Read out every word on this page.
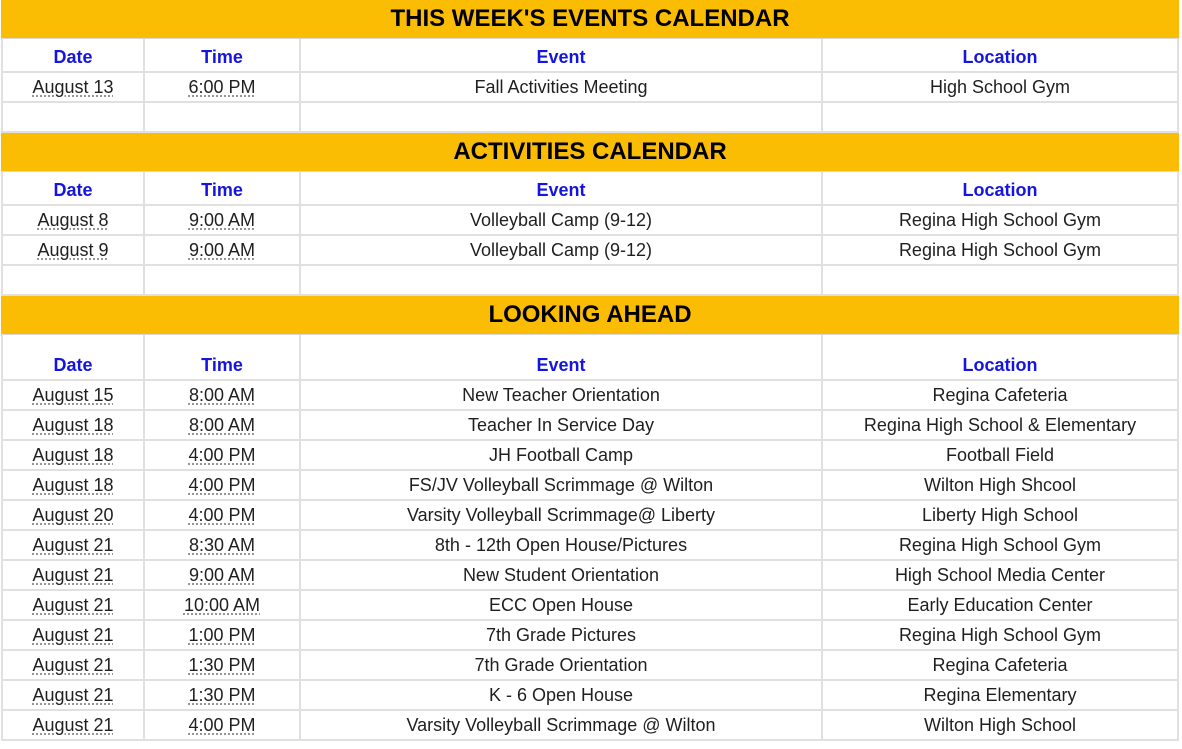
THIS WEEK'S EVENTS CALENDAR
Date	Time	Event	Location
August 13	6:00 PM	Fall Activities Meeting	High School Gym
ACTIVITIES CALENDAR
Date	Time	Event	Location
August 8	9:00 AM	Volleyball Camp (9-12)	Regina High School Gym
August 9	9:00 AM	Volleyball Camp (9-12)	Regina High School Gym
LOOKING AHEAD
Date	Time	Event	Location
August 15	8:00 AM	New Teacher Orientation	Regina Cafeteria
August 18	8:00 AM	Teacher In Service Day	Regina High School & Elementary
August 18	4:00 PM	JH Football Camp	Football Field
August 18	4:00 PM	FS/JV Volleyball Scrimmage @ Wilton	Wilton High Shcool
August 20	4:00 PM	Varsity Volleyball Scrimmage@ Liberty	Liberty High School
August 21	8:30 AM	8th - 12th Open House/Pictures	Regina High School Gym
August 21	9:00 AM	New Student Orientation	High School Media Center
August 21	10:00 AM	ECC Open House	Early Education Center
August 21	1:00 PM	7th Grade Pictures	Regina High School Gym
August 21	1:30 PM	7th Grade Orientation	Regina Cafeteria
August 21	1:30 PM	K - 6 Open House	Regina Elementary
August 21	4:00 PM	Varsity Volleyball Scrimmage @ Wilton	Wilton High School
